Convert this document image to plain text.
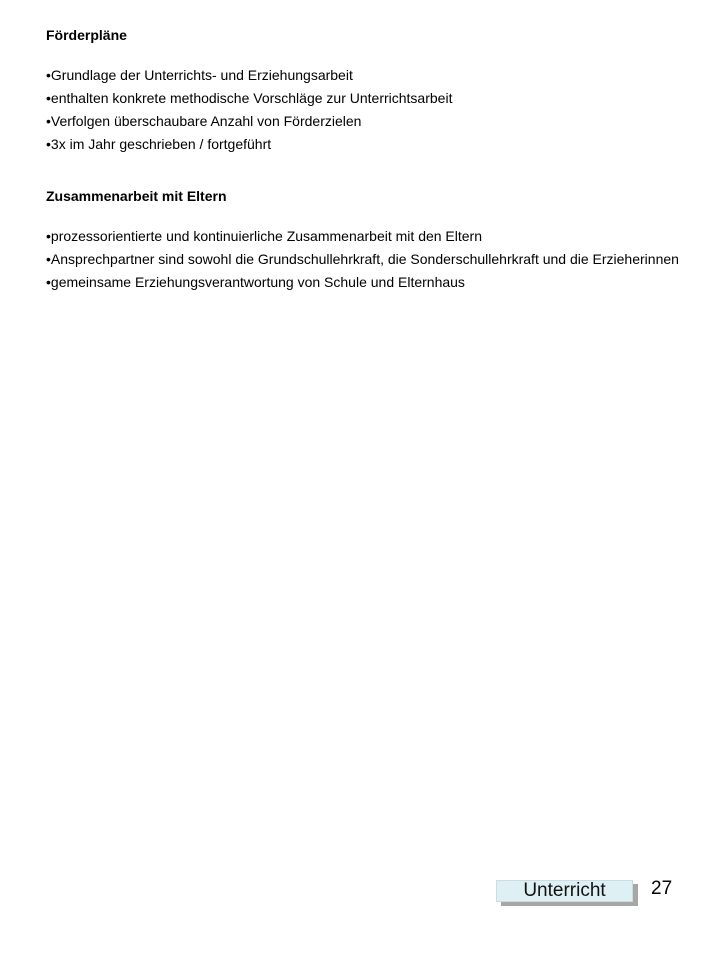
Förderpläne
•Grundlage der Unterrichts- und Erziehungsarbeit
•enthalten konkrete methodische Vorschläge zur Unterrichtsarbeit
•Verfolgen überschaubare Anzahl von Förderzielen
•3x im Jahr geschrieben / fortgeführt
Zusammenarbeit mit Eltern
•prozessorientierte und kontinuierliche Zusammenarbeit mit den Eltern
•Ansprechpartner sind sowohl die Grundschullehrkraft, die Sonderschullehrkraft und die Erzieherinnen
•gemeinsame Erziehungsverantwortung von Schule und Elternhaus
Unterricht	27
